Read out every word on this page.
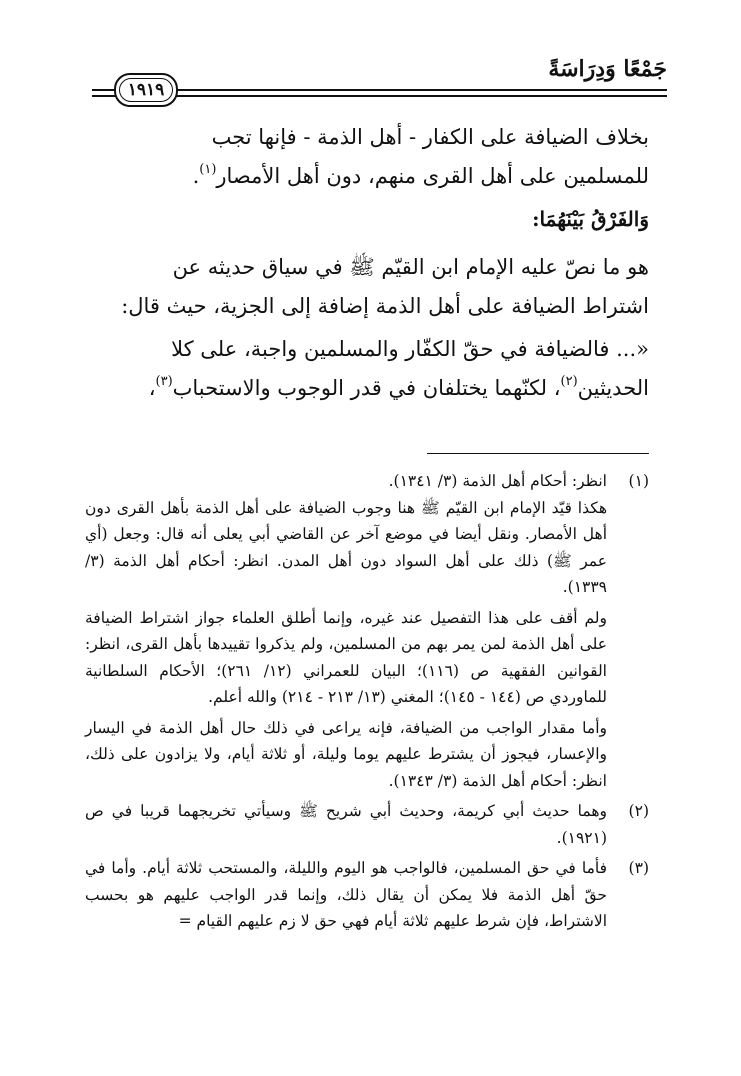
جَمْعًا وَدِرَاسَةً
١٩١٩

بخلاف الضيافة على الكفار - أهل الذمة - فإنها تجب
للمسلمين على أهل القرى منهم، دون أهل الأمصار$^{(١)}$.

وَالفَرْقُ بَيْنَهُمَا:

هو ما نصّ عليه الإمام ابن القيّم ﷺ في سياق حديثه عن
اشتراط الضيافة على أهل الذمة إضافة إلى الجزية، حيث قال:

«... فالضيافة في حقّ الكفّار والمسلمين واجبة، على كلا
الحديثين$^{(٢)}$، لكنّهما يختلفان في قدر الوجوب والاستحباب$^{(٣)}$،

(١)

انظر: أحكام أهل الذمة (٣/ ١٣٤١).

هكذا قيّد الإمام ابن القيّم ﷺ هنا وجوب الضيافة على أهل الذمة بأهل القرى دون أهل الأمصار. ونقل أيضا في موضع آخر عن القاضي أبي يعلى أنه قال: وجعل (أي عمر ﷺ) ذلك على أهل السواد دون أهل المدن. انظر: أحكام أهل الذمة (٣/ ١٣٣٩).

ولم أقف على هذا التفصيل عند غيره، وإنما أطلق العلماء جواز اشتراط الضيافة على أهل الذمة لمن يمر بهم من المسلمين، ولم يذكروا تقييدها بأهل القرى، انظر: القوانين الفقهية ص (١١٦)؛ البيان للعمراني (١٢/ ٢٦١)؛ الأحكام السلطانية للماوردي ص (١٤٤ - ١٤٥)؛ المغني (١٣/ ٢١٣ - ٢١٤) والله أعلم.

وأما مقدار الواجب من الضيافة، فإنه يراعى في ذلك حال أهل الذمة في اليسار والإعسار، فيجوز أن يشترط عليهم يوما وليلة، أو ثلاثة أيام، ولا يزادون على ذلك، انظر: أحكام أهل الذمة (٣/ ١٣٤٣).

(٢)

وهما حديث أبي كريمة، وحديث أبي شريح ﷺ وسيأتي تخريجهما قريبا في ص (١٩٢١).

(٣)

فأما في حق المسلمين، فالواجب هو اليوم والليلة، والمستحب ثلاثة أيام. وأما في حقّ أهل الذمة فلا يمكن أن يقال ذلك، وإنما قدر الواجب عليهم هو بحسب الاشتراط، فإن شرط عليهم ثلاثة أيام فهي حق لا زم عليهم القيام =
